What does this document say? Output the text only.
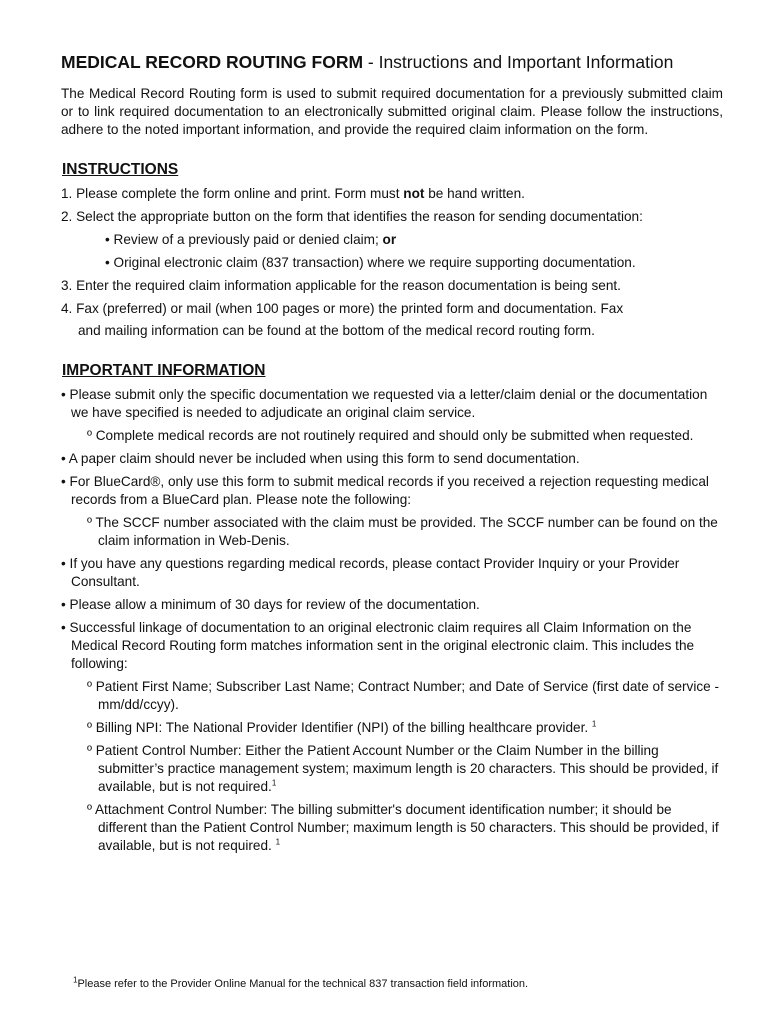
MEDICAL RECORD ROUTING FORM - Instructions and Important Information

The Medical Record Routing form is used to submit required documentation for a previously submitted claim or to link required documentation to an electronically submitted original claim. Please follow the instructions, adhere to the noted important information, and provide the required claim information on the form.

INSTRUCTIONS
1. Please complete the form online and print. Form must not be hand written.
2. Select the appropriate button on the form that identifies the reason for sending documentation:
• Review of a previously paid or denied claim; or
• Original electronic claim (837 transaction) where we require supporting documentation.
3. Enter the required claim information applicable for the reason documentation is being sent.
4. Fax (preferred) or mail (when 100 pages or more) the printed form and documentation. Fax
and mailing information can be found at the bottom of the medical record routing form.
IMPORTANT INFORMATION
• Please submit only the specific documentation we requested via a letter/claim denial or the documentation we have specified is needed to adjudicate an original claim service.
º Complete medical records are not routinely required and should only be submitted when requested.
• A paper claim should never be included when using this form to send documentation.
• For BlueCard®, only use this form to submit medical records if you received a rejection requesting medical records from a BlueCard plan. Please note the following:
º The SCCF number associated with the claim must be provided. The SCCF number can be found on the claim information in Web-Denis.
• If you have any questions regarding medical records, please contact Provider Inquiry or your Provider Consultant.
• Please allow a minimum of 30 days for review of the documentation.
• Successful linkage of documentation to an original electronic claim requires all Claim Information on the Medical Record Routing form matches information sent in the original electronic claim. This includes the following:
º Patient First Name; Subscriber Last Name; Contract Number; and Date of Service (first date of service - mm/dd/ccyy).
º Billing NPI: The National Provider Identifier (NPI) of the billing healthcare provider. $^1$
º Patient Control Number: Either the Patient Account Number or the Claim Number in the billing submitter’s practice management system; maximum length is 20 characters. This should be provided, if available, but is not required.$^1$
º Attachment Control Number: The billing submitter's document identification number; it should be different than the Patient Control Number; maximum length is 50 characters. This should be provided, if available, but is not required. $^1$
$^1$Please refer to the Provider Online Manual for the technical 837 transaction field information.
